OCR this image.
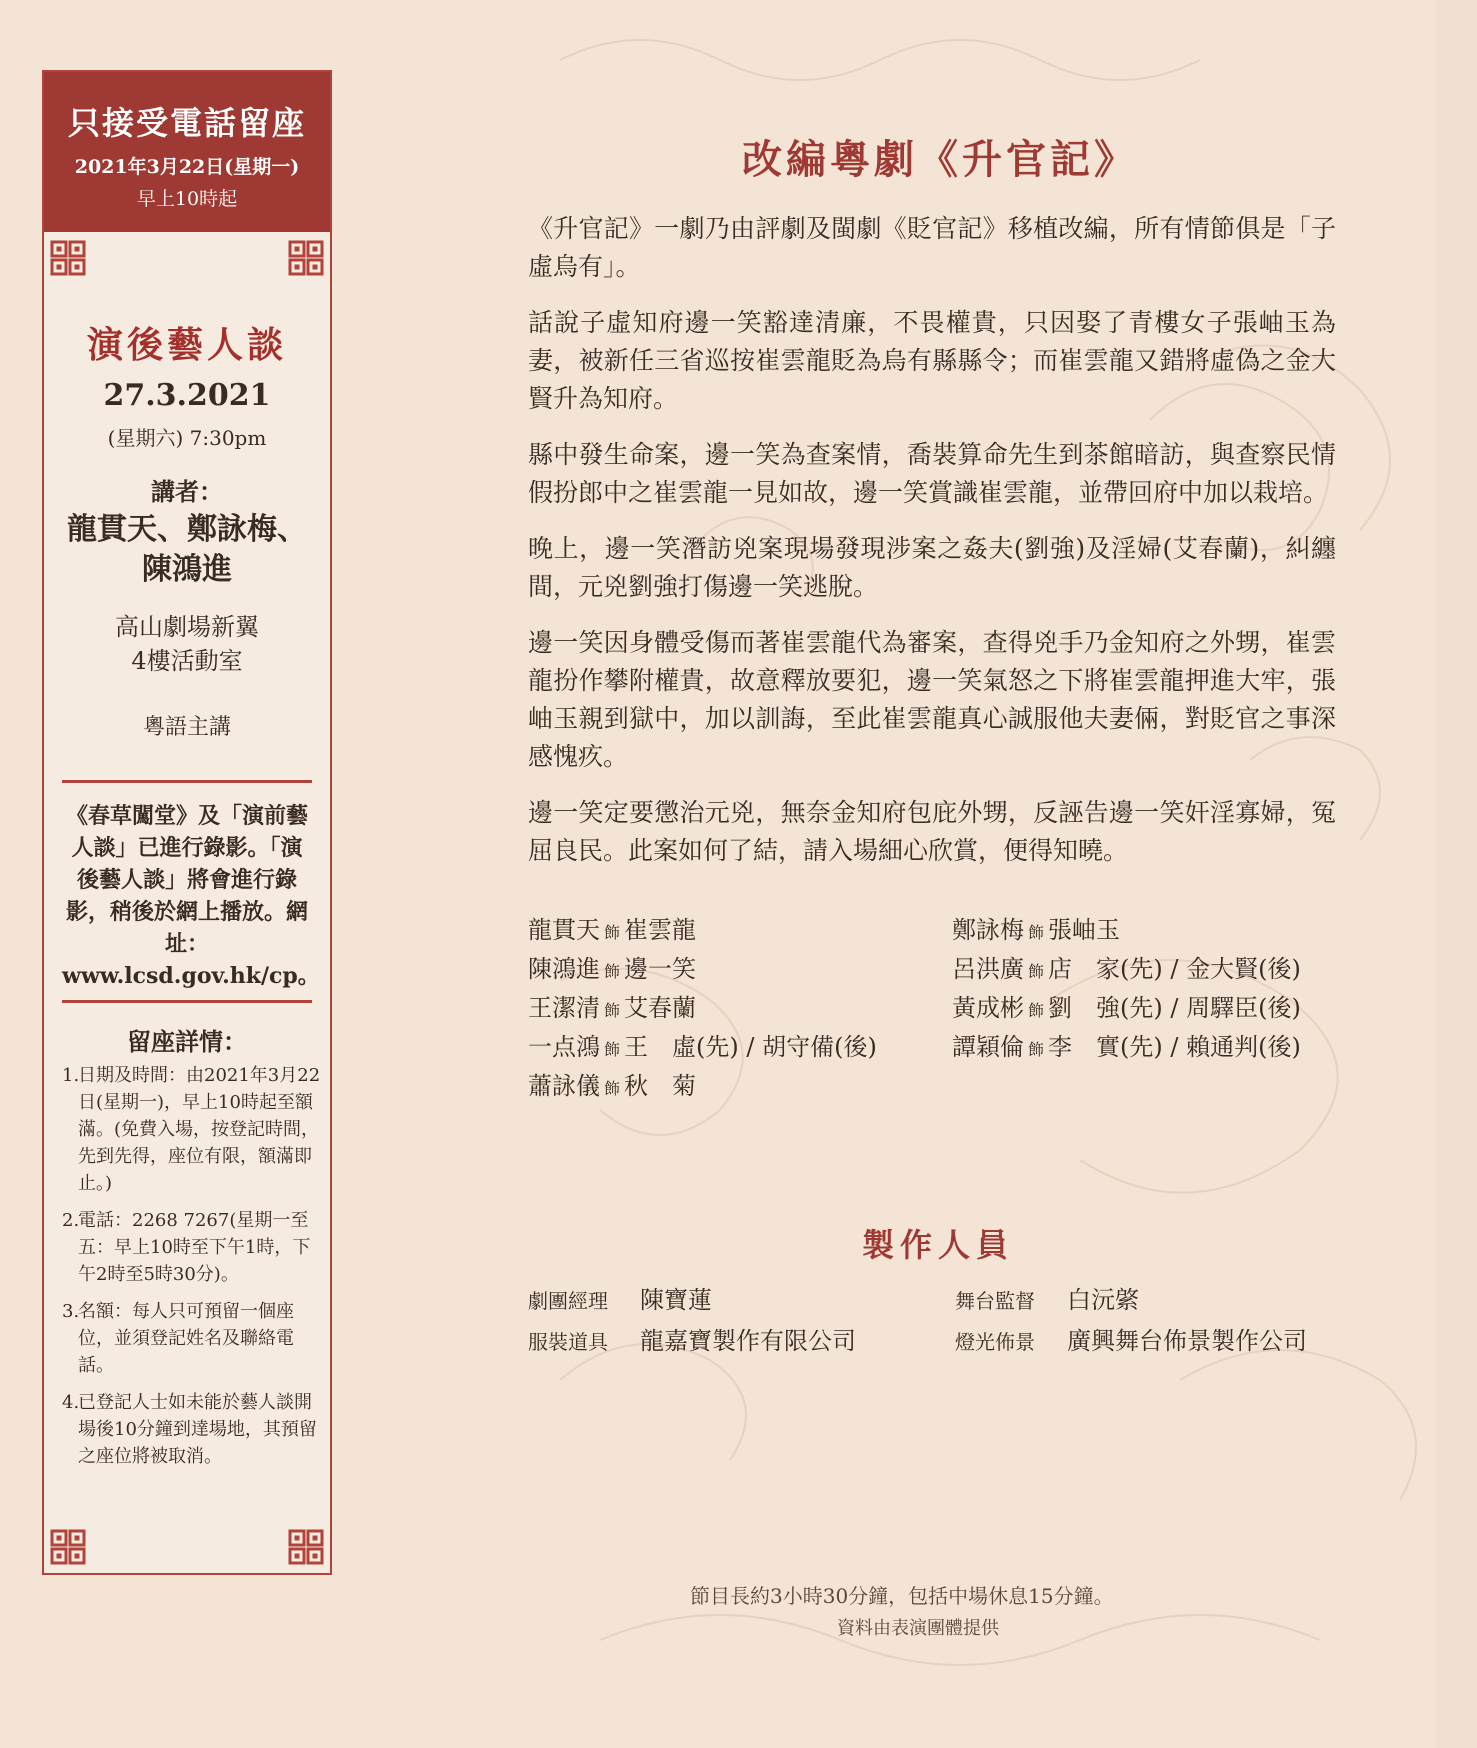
只接受電話留座
2021年3月22日(星期一)
早上10時起
演後藝人談
27.3.2021
(星期六) 7:30pm
講者：
龍貫天、鄭詠梅、
陳鴻進
高山劇場新翼
4樓活動室
粵語主講
《春草闖堂》及「演前藝人談」已進行錄影。「演後藝人談」將會進行錄影，稍後於網上播放。網址：www.lcsd.gov.hk/cp。
留座詳情：
1.
日期及時間：由2021年3月22日(星期一)，早上10時起至額滿。(免費入場，按登記時間，先到先得，座位有限，額滿即止。)
2.
電話：2268 7267(星期一至五：早上10時至下午1時，下午2時至5時30分)。
3.
名額：每人只可預留一個座位，並須登記姓名及聯絡電話。
4.
已登記人士如未能於藝人談開場後10分鐘到達場地，其預留之座位將被取消。
改編粵劇《升官記》

《升官記》一劇乃由評劇及閩劇《貶官記》移植改編，所有情節俱是「子虛烏有」。

話說子虛知府邊一笑豁達清廉，不畏權貴，只因娶了青樓女子張岫玉為妻，被新任三省巡按崔雲龍貶為烏有縣縣令；而崔雲龍又錯將虛偽之金大賢升為知府。

縣中發生命案，邊一笑為查案情，喬裝算命先生到茶館暗訪，與查察民情假扮郎中之崔雲龍一見如故，邊一笑賞識崔雲龍，並帶回府中加以栽培。

晚上，邊一笑潛訪兇案現場發現涉案之姦夫(劉強)及淫婦(艾春蘭)，糾纏間，元兇劉強打傷邊一笑逃脫。

邊一笑因身體受傷而著崔雲龍代為審案，查得兇手乃金知府之外甥，崔雲龍扮作攀附權貴，故意釋放要犯，邊一笑氣怒之下將崔雲龍押進大牢，張岫玉親到獄中，加以訓誨，至此崔雲龍真心誠服他夫妻倆，對貶官之事深感愧疚。

邊一笑定要懲治元兇，無奈金知府包庇外甥，反誣告邊一笑奸淫寡婦，冤屈良民。此案如何了結，請入場細心欣賞，便得知曉。

龍貫天 飾 崔雲龍
陳鴻進 飾 邊一笑
王潔清 飾 艾春蘭
一点鴻 飾 王　虛(先) / 胡守備(後)
蕭詠儀 飾 秋　菊
鄭詠梅 飾 張岫玉
呂洪廣 飾 店　家(先) / 金大賢(後)
黃成彬 飾 劉　強(先) / 周驛臣(後)
譚穎倫 飾 李　實(先) / 賴通判(後)
製作人員
劇團經理 陳寶蓮
服裝道具 龍嘉寶製作有限公司
舞台監督 白沅綮
燈光佈景 廣興舞台佈景製作公司
節目長約3小時30分鐘，包括中場休息15分鐘。
資料由表演團體提供
